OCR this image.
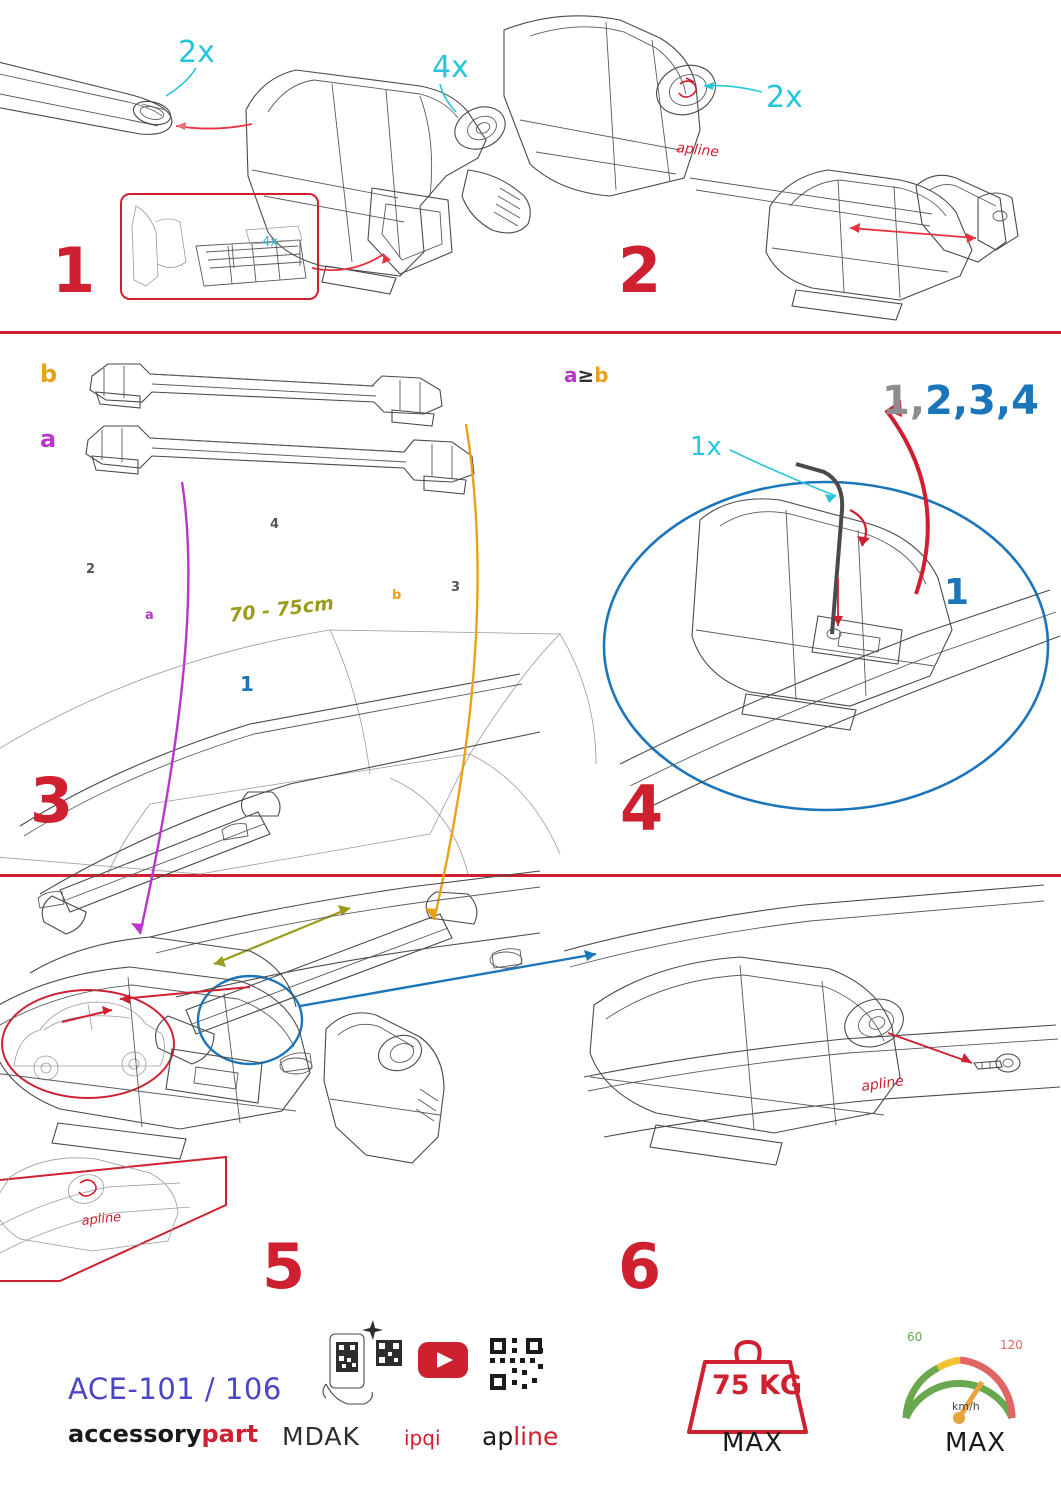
1
2x	4x
4x
apline
2
2x
b
a
a≥b
70 - 75cm
2
3
4
a
b
1
3
1x
1,2,3,4
1
4
apline
5
apline
6
ACE-101 / 106
accessorypart MDAK ipqi apline
75 KG
MAX	MAX
60
120
km/h
